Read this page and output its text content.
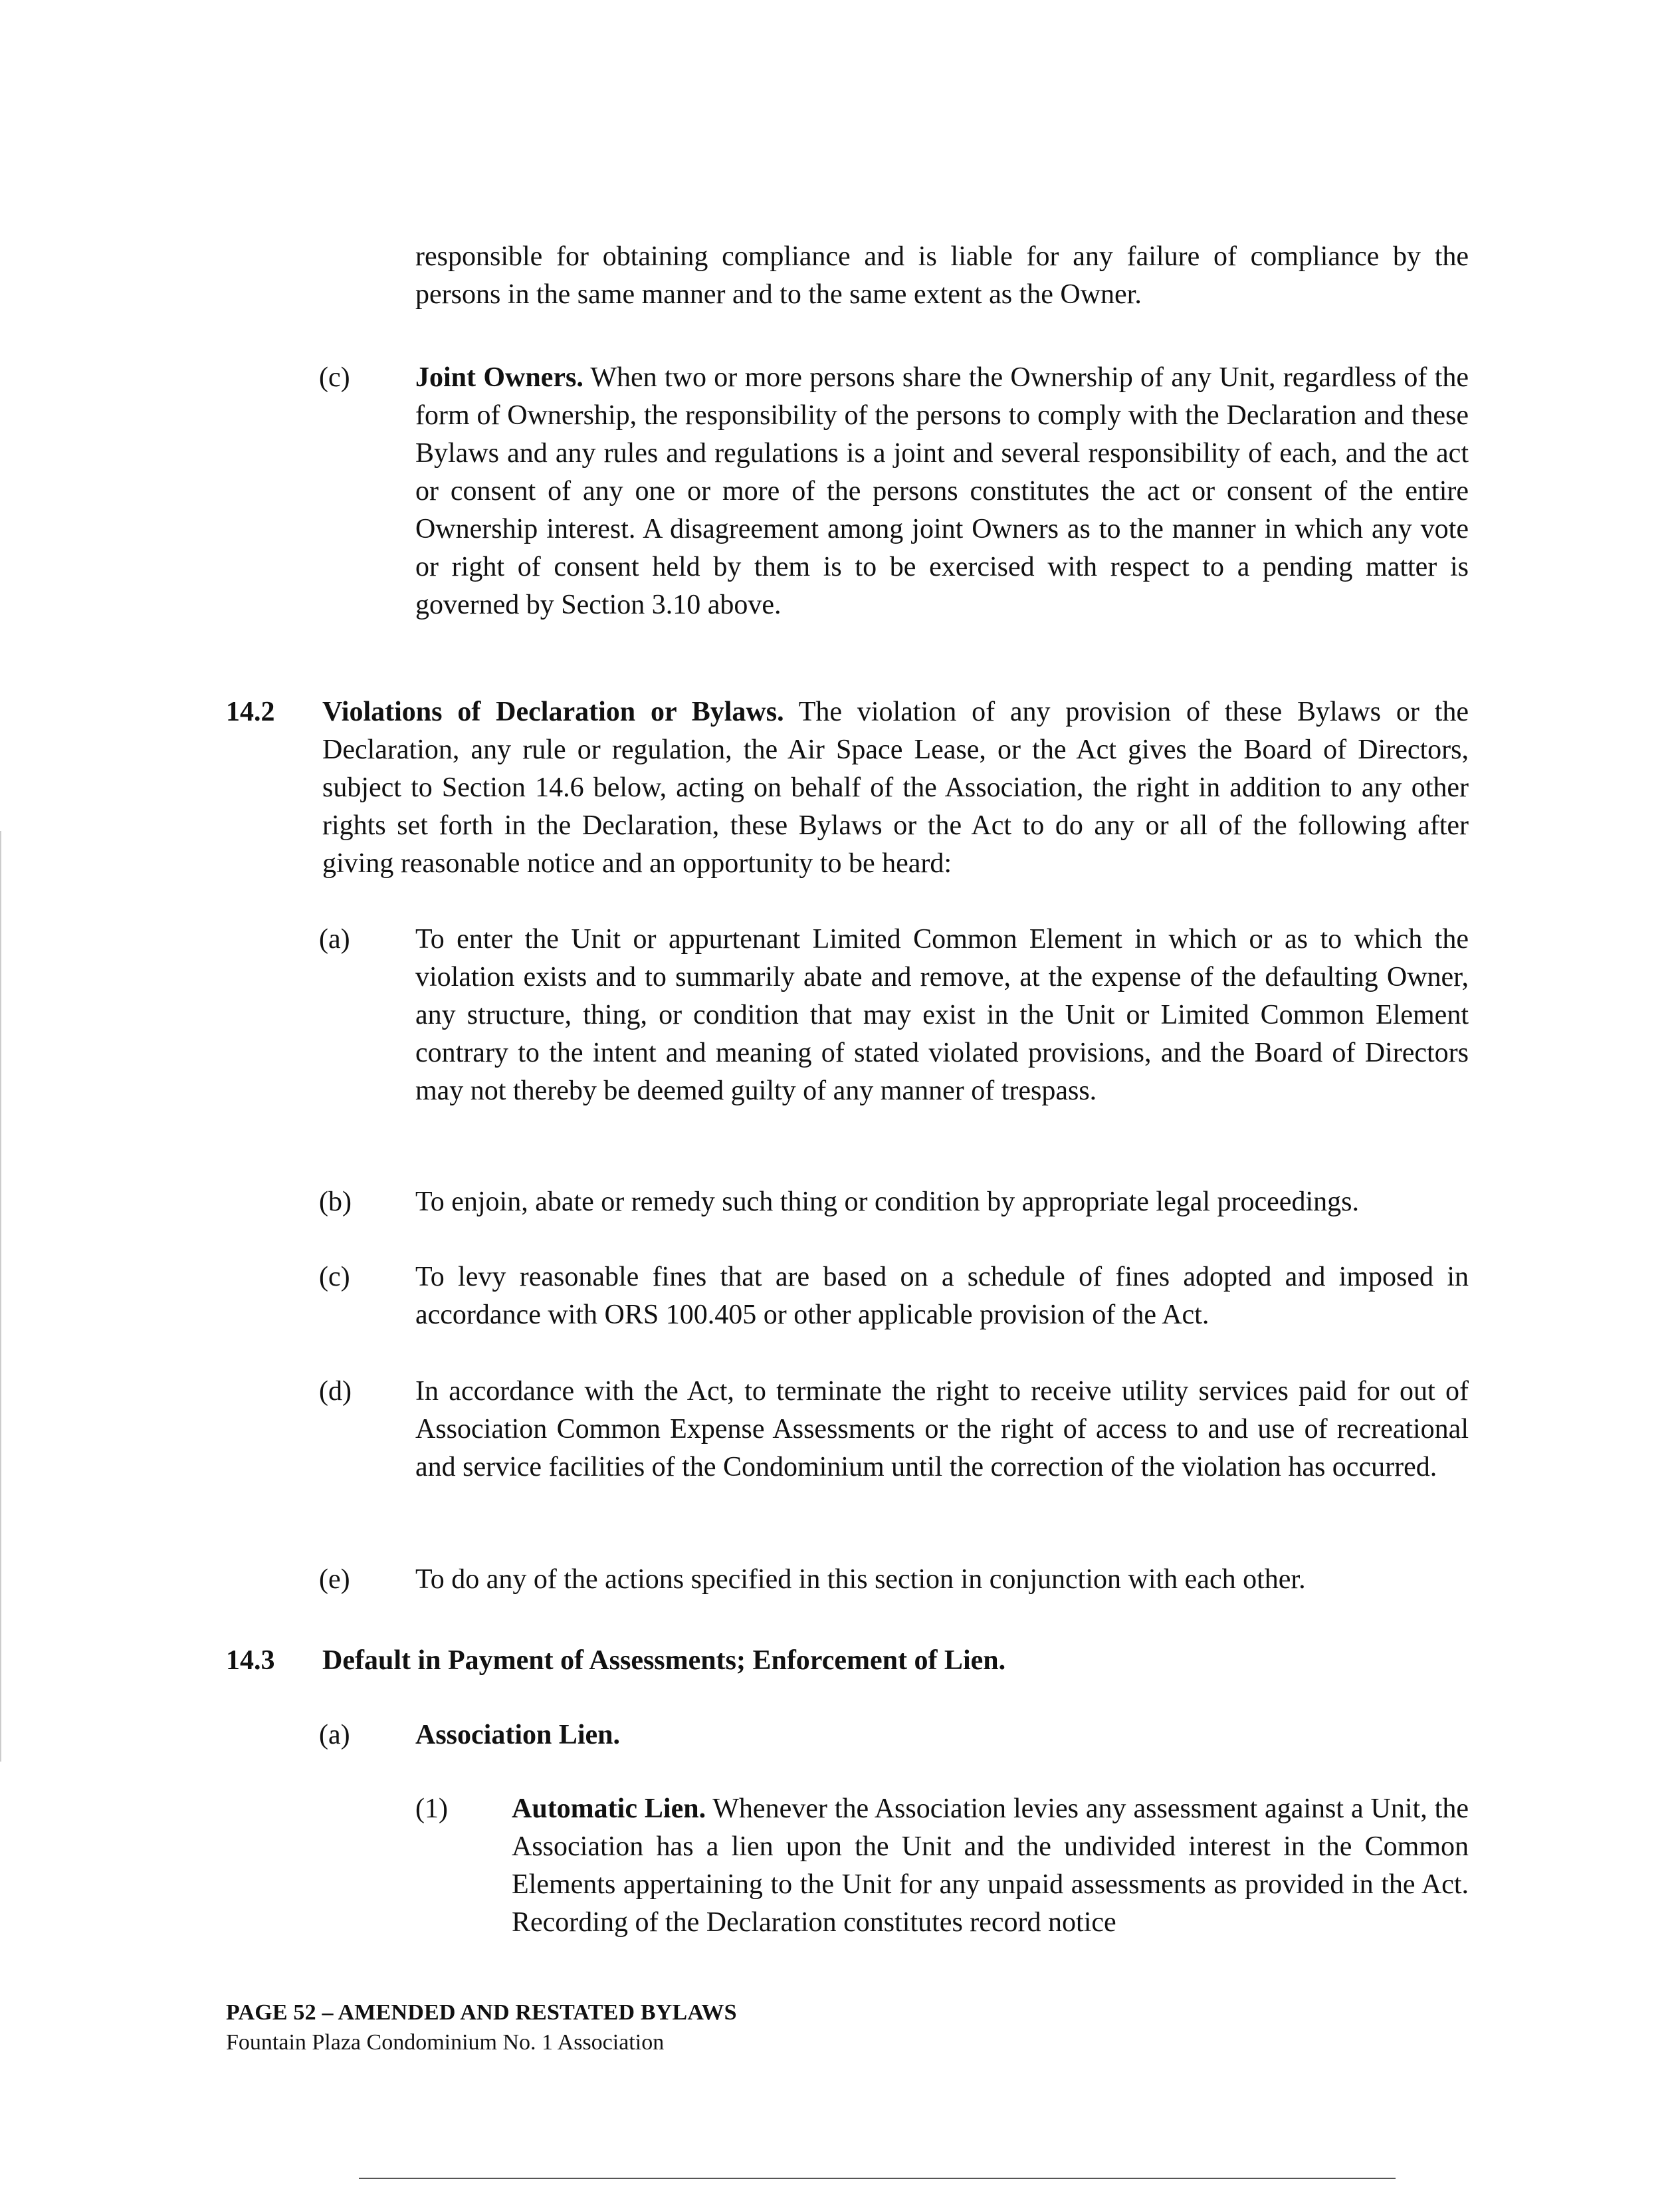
responsible for obtaining compliance and is liable for any failure of compliance by the persons in the same manner and to the same extent as the Owner.
(c) Joint Owners. When two or more persons share the Ownership of any Unit, regardless of the form of Ownership, the responsibility of the persons to comply with the Declaration and these Bylaws and any rules and regulations is a joint and several responsibility of each, and the act or consent of any one or more of the persons constitutes the act or consent of the entire Ownership interest. A disagreement among joint Owners as to the manner in which any vote or right of consent held by them is to be exercised with respect to a pending matter is governed by Section 3.10 above.
14.2 Violations of Declaration or Bylaws. The violation of any provision of these Bylaws or the Declaration, any rule or regulation, the Air Space Lease, or the Act gives the Board of Directors, subject to Section 14.6 below, acting on behalf of the Association, the right in addition to any other rights set forth in the Declaration, these Bylaws or the Act to do any or all of the following after giving reasonable notice and an opportunity to be heard:
(a) To enter the Unit or appurtenant Limited Common Element in which or as to which the violation exists and to summarily abate and remove, at the expense of the defaulting Owner, any structure, thing, or condition that may exist in the Unit or Limited Common Element contrary to the intent and meaning of stated violated provisions, and the Board of Directors may not thereby be deemed guilty of any manner of trespass.
(b) To enjoin, abate or remedy such thing or condition by appropriate legal proceedings.
(c) To levy reasonable fines that are based on a schedule of fines adopted and imposed in accordance with ORS 100.405 or other applicable provision of the Act.
(d) In accordance with the Act, to terminate the right to receive utility services paid for out of Association Common Expense Assessments or the right of access to and use of recreational and service facilities of the Condominium until the correction of the violation has occurred.
(e) To do any of the actions specified in this section in conjunction with each other.
14.3 Default in Payment of Assessments; Enforcement of Lien.
(a) Association Lien.
(1) Automatic Lien. Whenever the Association levies any assessment against a Unit, the Association has a lien upon the Unit and the undivided interest in the Common Elements appertaining to the Unit for any unpaid assessments as provided in the Act. Recording of the Declaration constitutes record notice
PAGE 52 – AMENDED AND RESTATED BYLAWS
Fountain Plaza Condominium No. 1 Association
